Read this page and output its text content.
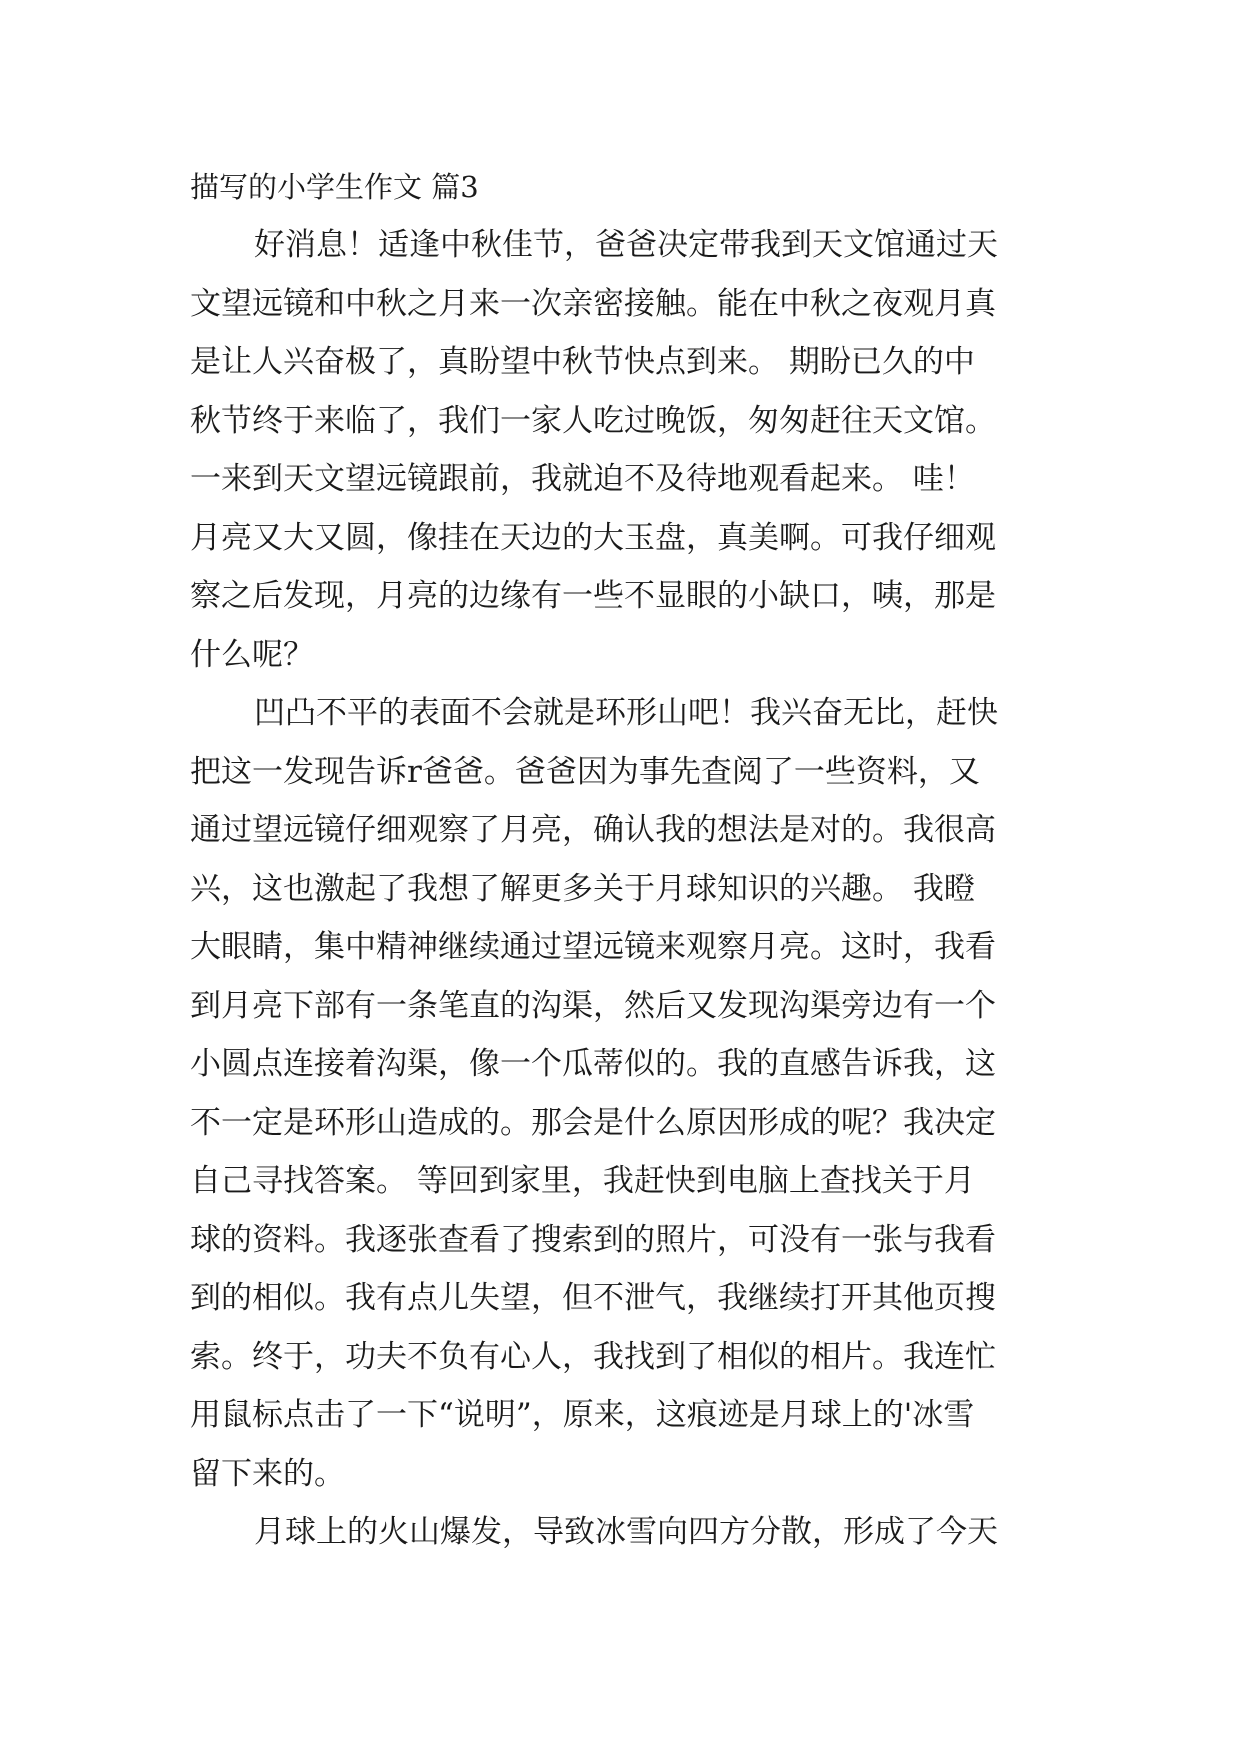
描写的小学生作文 篇3
好消息！适逢中秋佳节，爸爸决定带我到天文馆通过天
文望远镜和中秋之月来一次亲密接触。能在中秋之夜观月真
是让人兴奋极了，真盼望中秋节快点到来。 期盼已久的中
秋节终于来临了，我们一家人吃过晚饭，匆匆赶往天文馆。
一来到天文望远镜跟前，我就迫不及待地观看起来。 哇！
月亮又大又圆，像挂在天边的大玉盘，真美啊。可我仔细观
察之后发现，月亮的边缘有一些不显眼的小缺口，咦，那是
什么呢？
凹凸不平的表面不会就是环形山吧！我兴奋无比，赶快
把这一发现告诉r爸爸。爸爸因为事先查阅了一些资料，又
通过望远镜仔细观察了月亮，确认我的想法是对的。我很高
兴，这也激起了我想了解更多关于月球知识的兴趣。 我瞪
大眼睛，集中精神继续通过望远镜来观察月亮。这时，我看
到月亮下部有一条笔直的沟渠，然后又发现沟渠旁边有一个
小圆点连接着沟渠，像一个瓜蒂似的。我的直感告诉我，这
不一定是环形山造成的。那会是什么原因形成的呢？我决定
自己寻找答案。 等回到家里，我赶快到电脑上查找关于月
球的资料。我逐张查看了搜索到的照片，可没有一张与我看
到的相似。我有点儿失望，但不泄气，我继续打开其他页搜
索。终于，功夫不负有心人，我找到了相似的相片。我连忙
用鼠标点击了一下“说明”，原来，这痕迹是月球上的'冰雪
留下来的。
月球上的火山爆发，导致冰雪向四方分散，形成了今天
